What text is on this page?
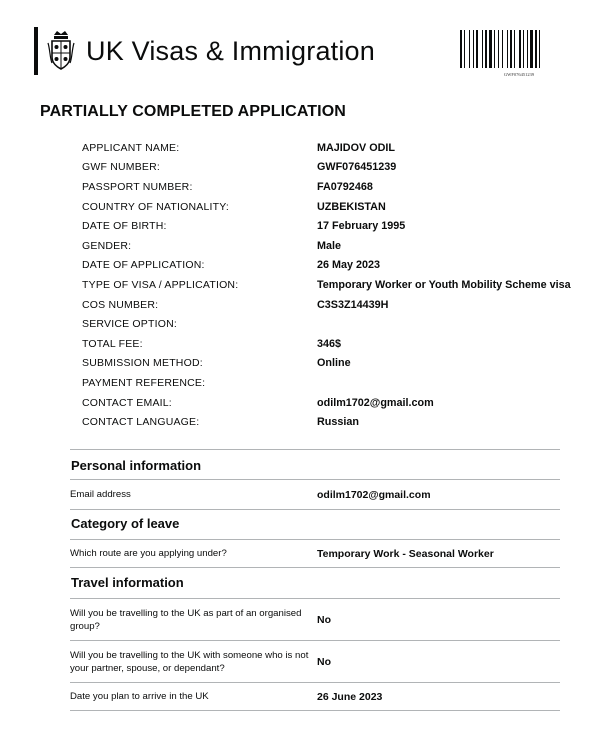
UK Visas & Immigration
GWF076451239
PARTIALLY COMPLETED APPLICATION
APPLICANT NAME:	MAJIDOV ODIL
GWF NUMBER:	GWF076451239
PASSPORT NUMBER:	FA0792468
COUNTRY OF NATIONALITY:	UZBEKISTAN
DATE OF BIRTH:	17 February 1995
GENDER:	Male
DATE OF APPLICATION:	26 May 2023
TYPE OF VISA / APPLICATION:	Temporary Worker or Youth Mobility Scheme visa
COS NUMBER:	C3S3Z14439H
SERVICE OPTION:
TOTAL FEE:	346$
SUBMISSION METHOD:	Online
PAYMENT REFERENCE:
CONTACT EMAIL:	odilm1702@gmail.com
CONTACT LANGUAGE:	Russian
Personal information
Email address	odilm1702@gmail.com
Category of leave
Which route are you applying under?	Temporary Work - Seasonal Worker
Travel information
Will you be travelling to the UK as part of an organised group?
No
Will you be travelling to the UK with someone who is not your partner, spouse, or dependant?
No
Date you plan to arrive in the UK	26 June 2023
